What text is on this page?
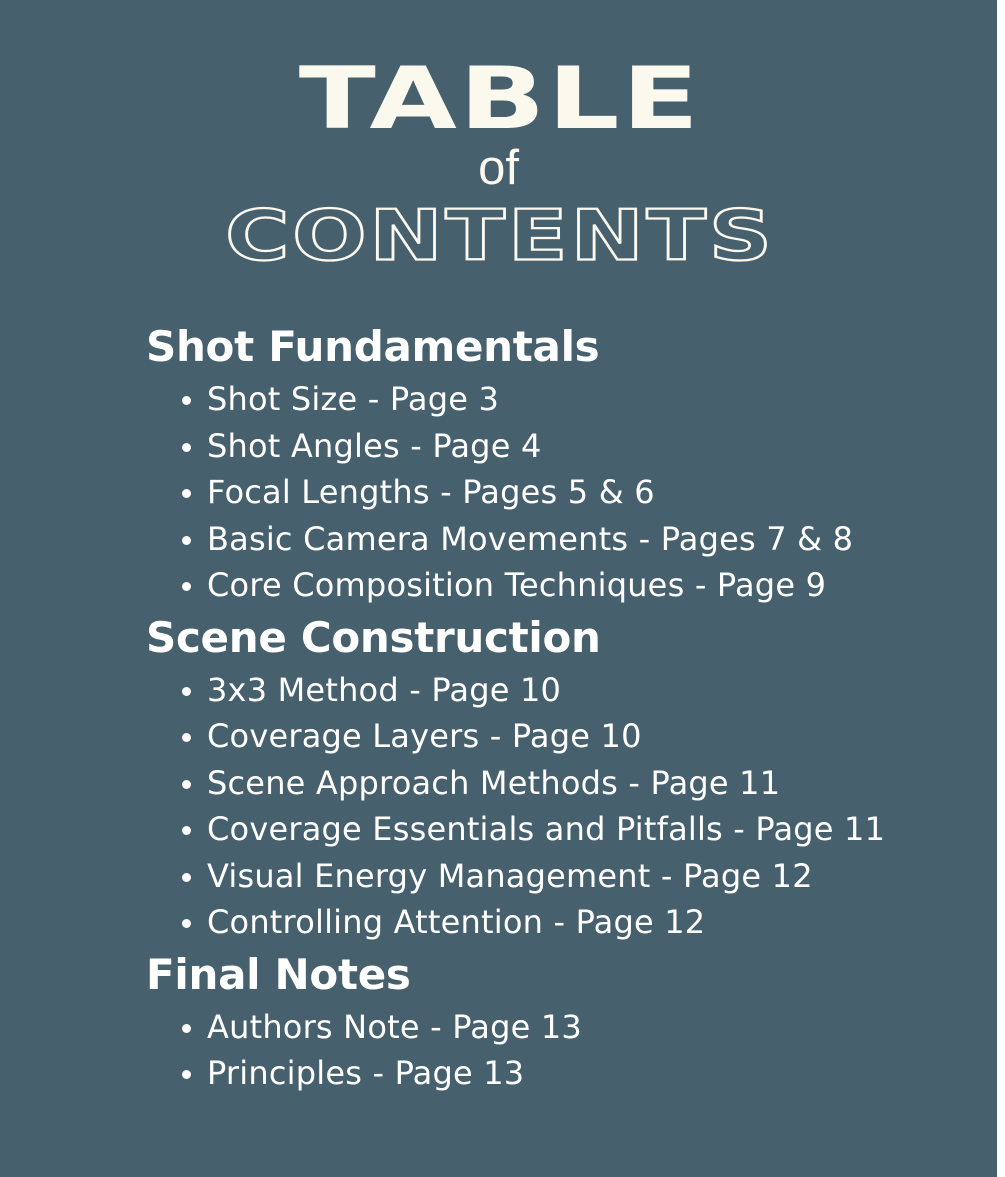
TABLE
of
CONTENTS
Shot Fundamentals
Shot Size - Page 3
Shot Angles - Page 4
Focal Lengths - Pages 5 & 6
Basic Camera Movements - Pages 7 & 8
Core Composition Techniques - Page 9
Scene Construction
3x3 Method - Page 10
Coverage Layers - Page 10
Scene Approach Methods - Page 11
Coverage Essentials and Pitfalls - Page 11
Visual Energy Management - Page 12
Controlling Attention - Page 12
Final Notes
Authors Note - Page 13
Principles - Page 13
